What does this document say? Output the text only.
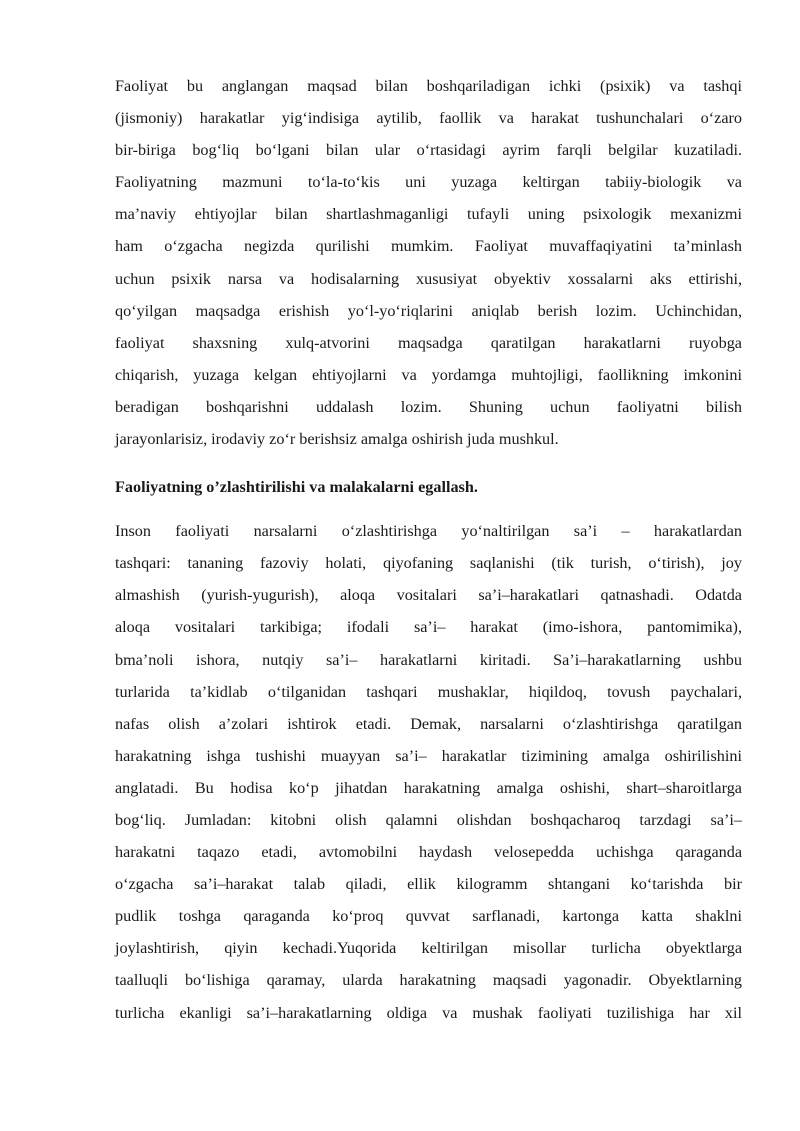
Faoliyat bu anglangan maqsad bilan boshqariladigan ichki (psixik) va tashqi
(jismoniy) harakatlar yig‘indisiga aytilib, faollik va harakat tushunchalari o‘zaro
bir-biriga bog‘liq bo‘lgani bilan ular o‘rtasidagi ayrim farqli belgilar kuzatiladi.
Faoliyatning mazmuni to‘la-to‘kis uni yuzaga keltirgan tabiiy-biologik va
ma’naviy ehtiyojlar bilan shartlashmaganligi tufayli uning psixologik mexanizmi
ham o‘zgacha negizda qurilishi mumkim. Faoliyat muvaffaqiyatini ta’minlash
uchun psixik narsa va hodisalarning xususiyat obyektiv xossalarni aks ettirishi,
qo‘yilgan maqsadga erishish yo‘l-yo‘riqlarini aniqlab berish lozim. Uchinchidan,
faoliyat shaxsning xulq-atvorini maqsadga qaratilgan harakatlarni ruyobga
chiqarish, yuzaga kelgan ehtiyojlarni va yordamga muhtojligi, faollikning imkonini
beradigan boshqarishni uddalash lozim. Shuning uchun faoliyatni bilish
jarayonlarisiz, irodaviy zo‘r berishsiz amalga oshirish juda mushkul.
Faoliyatning o’zlashtirilishi va malakalarni egallash.
Inson faoliyati narsalarni o‘zlashtirishga yo‘naltirilgan sa’i – harakatlardan
tashqari: tananing fazoviy holati, qiyofaning saqlanishi (tik turish, o‘tirish), joy
almashish (yurish-yugurish), aloqa vositalari sa’i–harakatlari qatnashadi. Odatda
aloqa vositalari tarkibiga; ifodali sa’i– harakat (imo-ishora, pantomimika),
bma’noli ishora, nutqiy sa’i– harakatlarni kiritadi. Sa’i–harakatlarning ushbu
turlarida ta’kidlab o‘tilganidan tashqari mushaklar, hiqildoq, tovush paychalari,
nafas olish a’zolari ishtirok etadi. Demak, narsalarni o‘zlashtirishga qaratilgan
harakatning ishga tushishi muayyan sa’i– harakatlar tizimining amalga oshirilishini
anglatadi. Bu hodisa ko‘p jihatdan harakatning amalga oshishi, shart–sharoitlarga
bog‘liq. Jumladan: kitobni olish qalamni olishdan boshqacharoq tarzdagi sa’i–
harakatni taqazo etadi, avtomobilni haydash velosepedda uchishga qaraganda
o‘zgacha sa’i–harakat talab qiladi, ellik kilogramm shtangani ko‘tarishda bir
pudlik toshga qaraganda ko‘proq quvvat sarflanadi, kartonga katta shaklni
joylashtirish, qiyin kechadi.Yuqorida keltirilgan misollar turlicha obyektlarga
taalluqli bo‘lishiga qaramay, ularda harakatning maqsadi yagonadir. Obyektlarning
turlicha ekanligi sa’i–harakatlarning oldiga va mushak faoliyati tuzilishiga har xil
